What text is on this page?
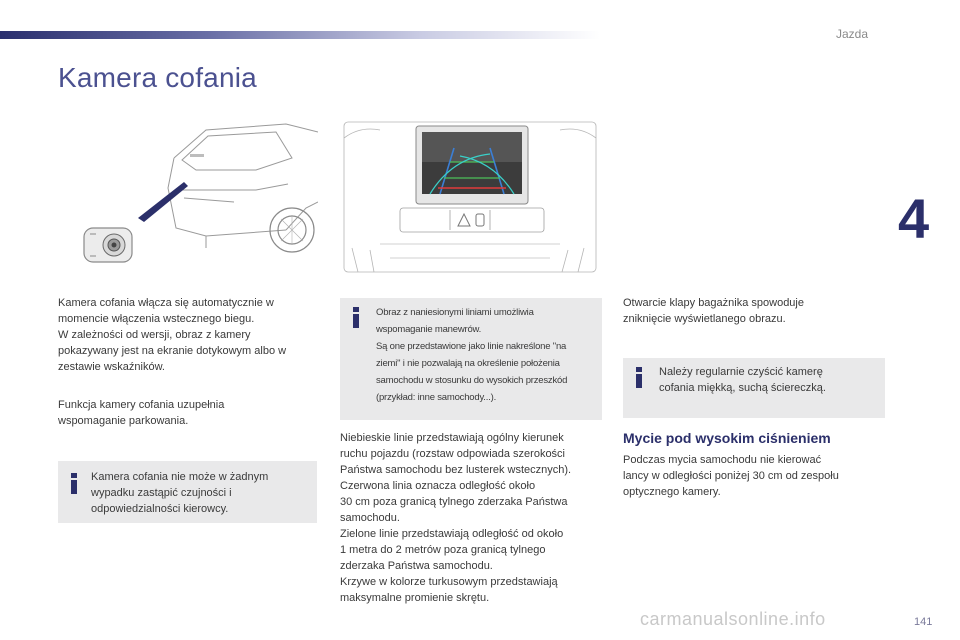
Jazda
4
141
Kamera cofania
Kamera cofania włącza się automatycznie w
momencie włączenia wstecznego biegu.
W zależności od wersji, obraz z kamery
pokazywany jest na ekranie dotykowym albo w
zestawie wskaźników.
Funkcja kamery cofania uzupełnia
wspomaganie parkowania.
Kamera cofania nie może w żadnym
wypadku zastąpić czujności i
odpowiedzialności kierowcy.
Obraz z naniesionymi liniami umożliwia
wspomaganie manewrów.
Są one przedstawione jako linie nakreślone "na
ziemi" i nie pozwalają na określenie położenia
samochodu w stosunku do wysokich przeszkód
(przykład: inne samochody...).
Niebieskie linie przedstawiają ogólny kierunek
ruchu pojazdu (rozstaw odpowiada szerokości
Państwa samochodu bez lusterek wstecznych).
Czerwona linia oznacza odległość około
30 cm poza granicą tylnego zderzaka Państwa
samochodu.
Zielone linie przedstawiają odległość od około
1 metra do 2 metrów poza granicą tylnego
zderzaka Państwa samochodu.
Krzywe w kolorze turkusowym przedstawiają
maksymalne promienie skrętu.
Otwarcie klapy bagażnika spowoduje
zniknięcie wyświetlanego obrazu.
Należy regularnie czyścić kamerę
cofania miękką, suchą ściereczką.
Mycie pod wysokim ciśnieniem
Podczas mycia samochodu nie kierować
lancy w odległości poniżej 30 cm od zespołu
optycznego kamery.
carmanualsonline.info
